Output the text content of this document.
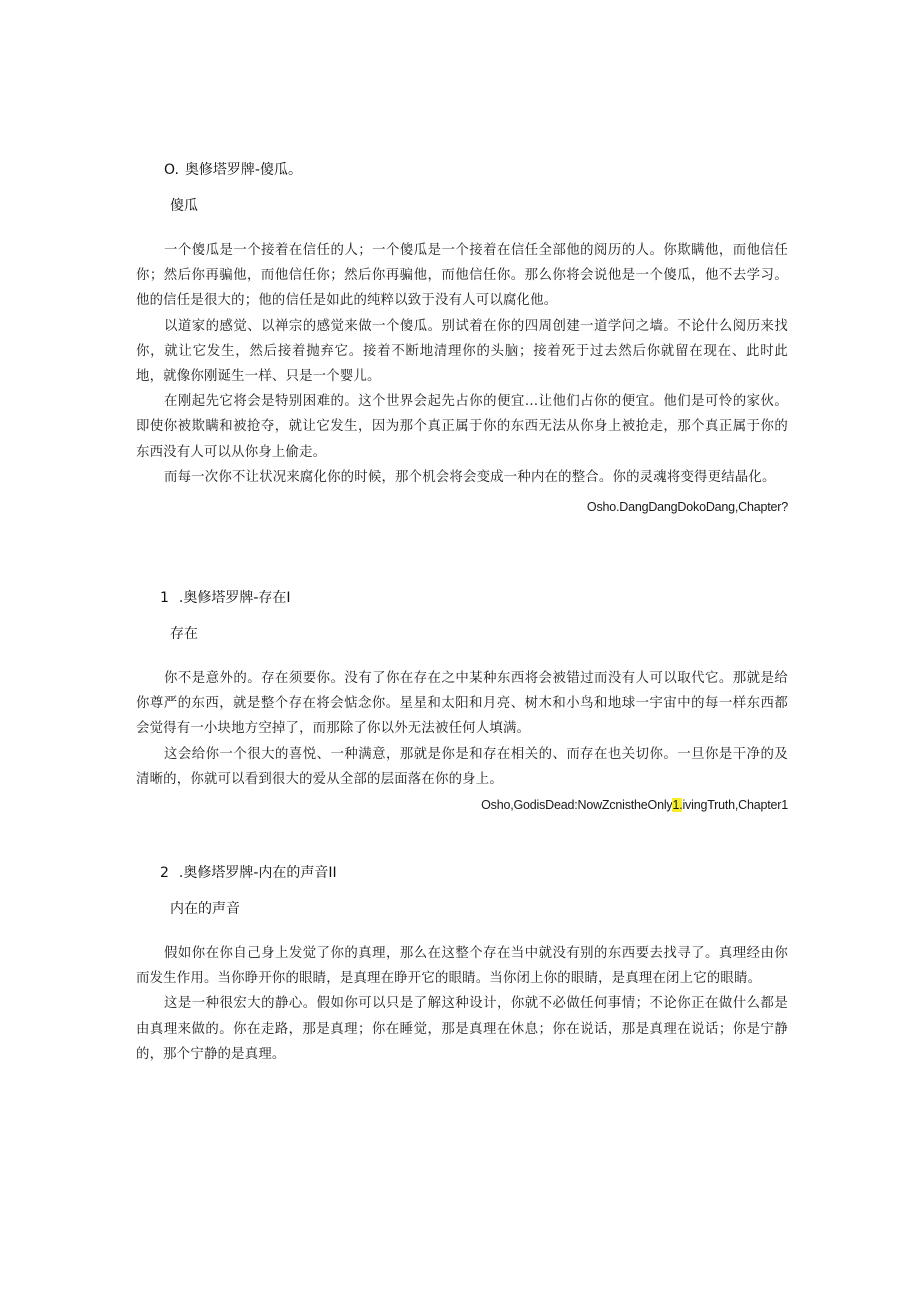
O. 奥修塔罗牌-傻瓜。
傻瓜

一个傻瓜是一个接着在信任的人；一个傻瓜是一个接着在信任全部他的阅历的人。你欺瞒他，而他信任你；然后你再骗他，而他信任你；然后你再骗他，而他信任你。那么你将会说他是一个傻瓜，他不去学习。他的信任是很大的；他的信任是如此的纯粹以致于没有人可以腐化他。

以道家的感觉、以禅宗的感觉来做一个傻瓜。别试着在你的四周创建一道学问之墙。不论什么阅历来找你，就让它发生，然后接着抛弃它。接着不断地清理你的头脑；接着死于过去然后你就留在现在、此时此地，就像你刚诞生一样、只是一个婴儿。

在刚起先它将会是特别困难的。这个世界会起先占你的便宜…让他们占你的便宜。他们是可怜的家伙。即使你被欺瞒和被抢夺，就让它发生，因为那个真正属于你的东西无法从你身上被抢走，那个真正属于你的东西没有人可以从你身上偷走。

而每一次你不让状况来腐化你的时候，那个机会将会变成一种内在的整合。你的灵魂将变得更结晶化。

Osho.DangDangDokoDang,Chapter?
1 .奥修塔罗牌-存在I
存在

你不是意外的。存在须要你。没有了你在存在之中某种东西将会被错过而没有人可以取代它。那就是给你尊严的东西，就是整个存在将会惦念你。星星和太阳和月亮、树木和小鸟和地球一宇宙中的每一样东西都会觉得有一小块地方空掉了，而那除了你以外无法被任何人填满。

这会给你一个很大的喜悦、一种满意，那就是你是和存在相关的、而存在也关切你。一旦你是干净的及清晰的，你就可以看到很大的爱从全部的层面落在你的身上。

Osho,GodisDead:NowZcnistheOnly1.ivingTruth,Chapter1
2 .奥修塔罗牌-内在的声音II
内在的声音

假如你在你自己身上发觉了你的真理，那么在这整个存在当中就没有别的东西要去找寻了。真理经由你而发生作用。当你睁开你的眼睛，是真理在睁开它的眼睛。当你闭上你的眼睛，是真理在闭上它的眼睛。

这是一种很宏大的静心。假如你可以只是了解这种设计，你就不必做任何事情；不论你正在做什么都是由真理来做的。你在走路，那是真理；你在睡觉，那是真理在休息；你在说话，那是真理在说话；你是宁静的，那个宁静的是真理。
